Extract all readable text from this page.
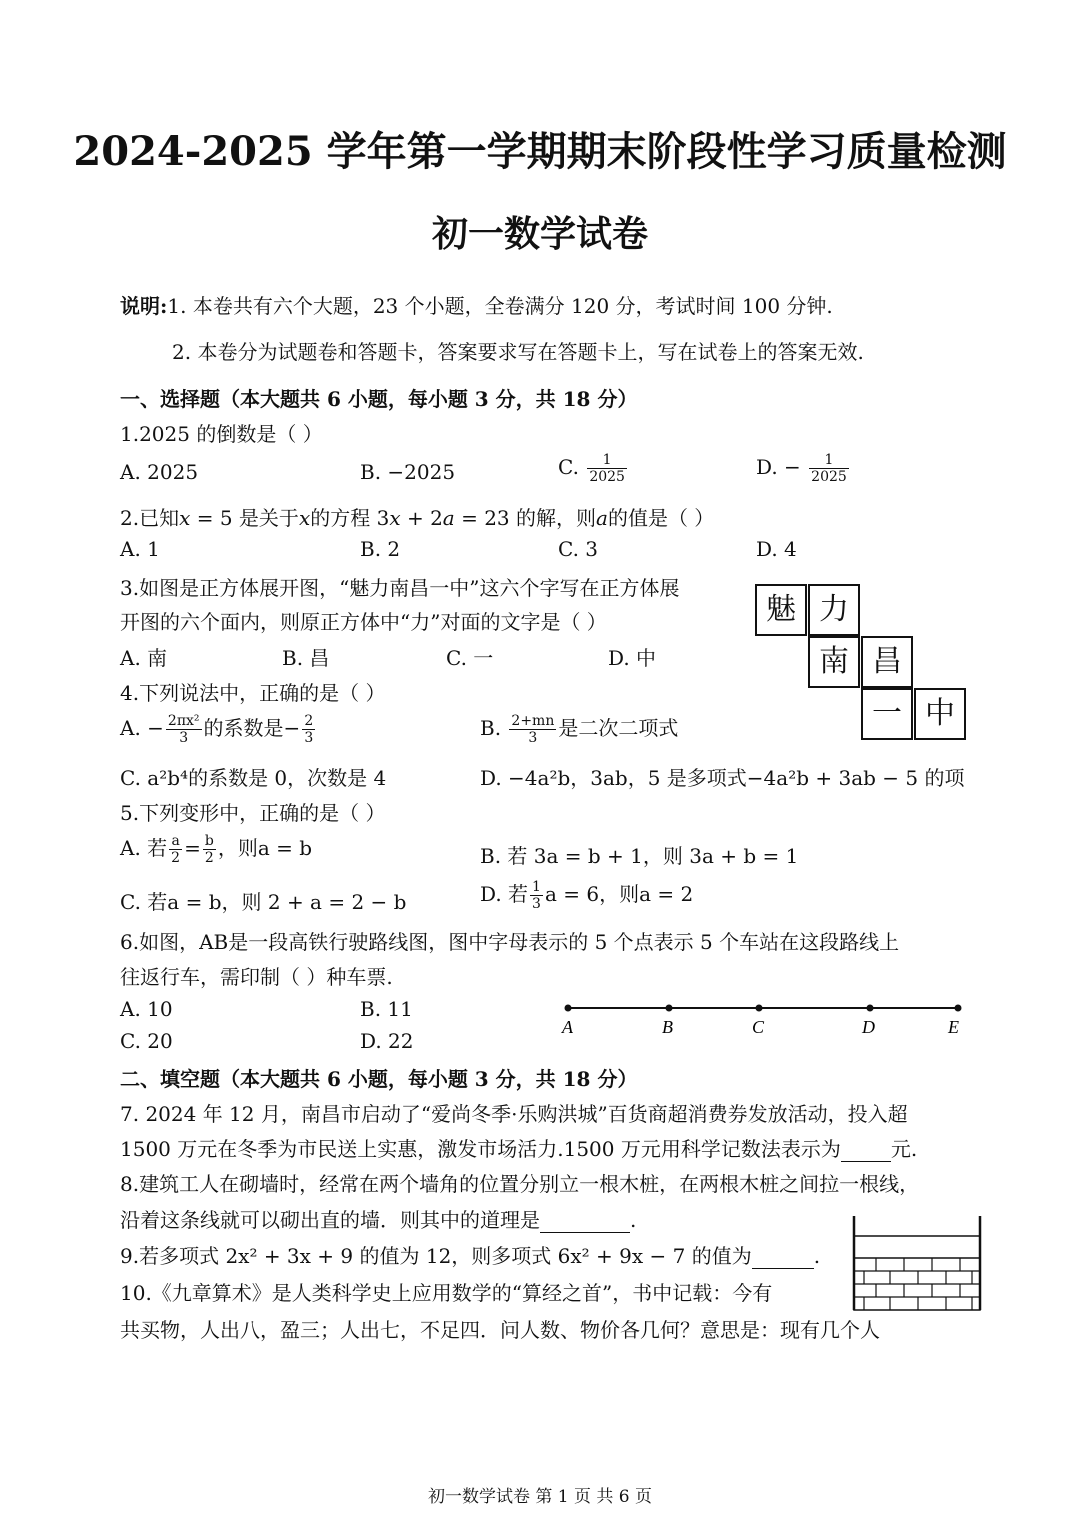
2024-2025 学年第一学期期末阶段性学习质量检测
初一数学试卷
说明:1. 本卷共有六个大题，23 个小题，全卷满分 120 分，考试时间 100 分钟.
2. 本卷分为试题卷和答题卡，答案要求写在答题卡上，写在试卷上的答案无效.
一、选择题（本大题共 6 小题，每小题 3 分，共 18 分）
1.2025 的倒数是（ ）
A. 2025	B. −2025	C. $\frac{1}{2025}$	D. − $\frac{1}{2025}$
2.已知x = 5 是关于x的方程 3x + 2a = 23 的解，则a的值是（ ）
A. 1	B. 2	C. 3	D. 4
3.如图是正方体展开图，“魅力南昌一中”这六个字写在正方体展
开图的六个面内，则原正方体中“力”对面的文字是（ ）
A. 南	B. 昌	C. 一	D. 中
魅 力
南 昌
一 中
4.下列说法中，正确的是（ ）
A. − $\frac{\text{2πx²}}{3}$ 的系数是− $\frac{2}{3}$	B. $\frac{2+mn}{3}$ 是二次二项式
C. a²b⁴的系数是 0，次数是 4	D. −4a²b，3ab，5 是多项式−4a²b + 3ab − 5 的项
5.下列变形中，正确的是（ ）
A. 若 $\frac{a}{2} = \frac{b}{2}$ ，则a = b	B. 若 3a = b + 1，则 3a + b = 1
C. 若a = b，则 2 + a = 2 − b	D. 若 $\frac{1}{3}$ a = 6，则a = 2
6.如图，AB是一段高铁行驶路线图，图中字母表示的 5 个点表示 5 个车站在这段路线上
往返行车，需印制（ ）种车票.
A. 10	B. 11
C. 20	D. 22
A	B	C	D	E
二、填空题（本大题共 6 小题，每小题 3 分，共 18 分）
7. 2024 年 12 月，南昌市启动了“爱尚冬季·乐购洪城”百货商超消费券发放活动，投入超
1500 万元在冬季为市民送上实惠，激发市场活力.1500 万元用科学记数法表示为	元.
8.建筑工人在砌墙时，经常在两个墙角的位置分别立一根木桩，在两根木桩之间拉一根线，
沿着这条线就可以砌出直的墙．则其中的道理是	.
9.若多项式 2x² + 3x + 9 的值为 12，则多项式 6x² + 9x − 7 的值为	.
10.《九章算术》是人类科学史上应用数学的“算经之首”，书中记载：今有
共买物，人出八，盈三；人出七，不足四．问人数、物价各几何？意思是：现有几个人
初一数学试卷 第 1 页 共 6 页
